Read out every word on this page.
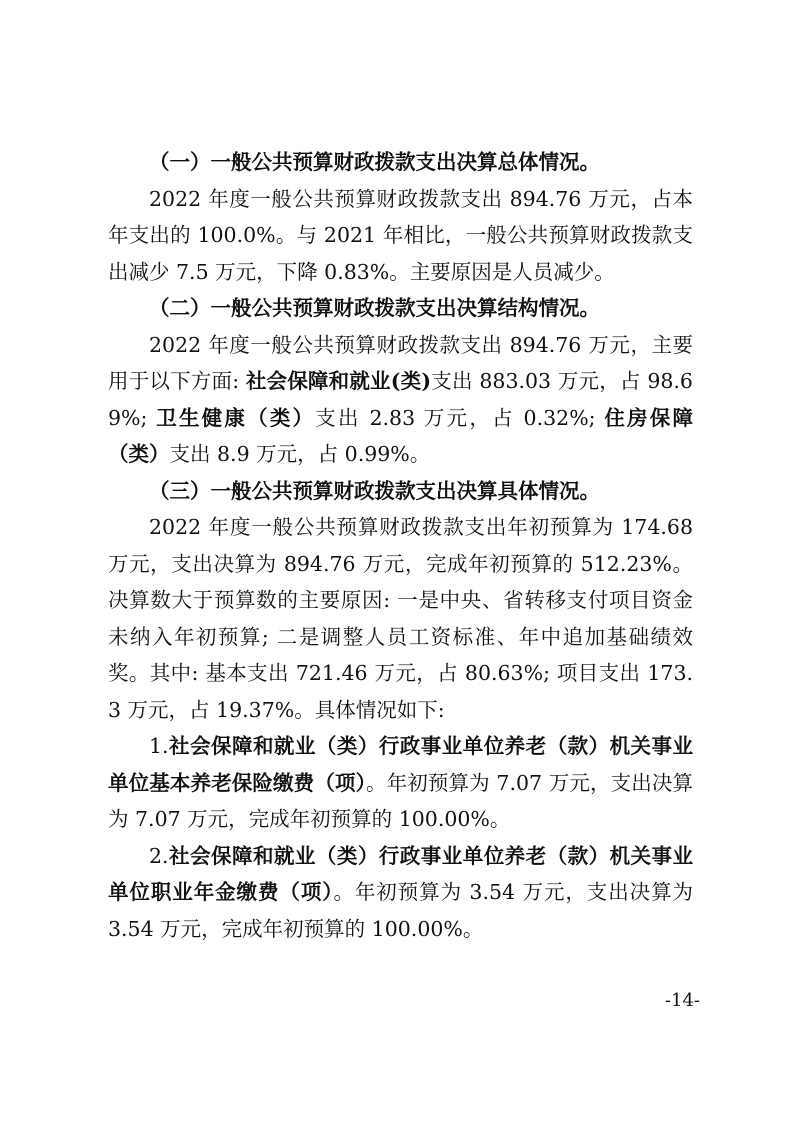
（一）一般公共预算财政拨款支出决算总体情况。

2022 年度一般公共预算财政拨款支出 894.76 万元，占本年支出的 100.0%。与 2021 年相比，一般公共预算财政拨款支出减少 7.5 万元，下降 0.83%。主要原因是人员减少。

（二）一般公共预算财政拨款支出决算结构情况。

2022 年度一般公共预算财政拨款支出 894.76 万元，主要用于以下方面: 社会保障和就业(类)支出 883.03 万元，占 98.69%; 卫生健康（类）支出 2.83 万元，占 0.32%; 住房保障（类）支出 8.9 万元，占 0.99%。

（三）一般公共预算财政拨款支出决算具体情况。

2022 年度一般公共预算财政拨款支出年初预算为 174.68 万元，支出决算为 894.76 万元，完成年初预算的 512.23%。决算数大于预算数的主要原因: 一是中央、省转移支付项目资金未纳入年初预算; 二是调整人员工资标准、年中追加基础绩效奖。其中: 基本支出 721.46 万元，占 80.63%; 项目支出 173.3 万元，占 19.37%。具体情况如下:

1.社会保障和就业（类）行政事业单位养老（款）机关事业单位基本养老保险缴费（项）。年初预算为 7.07 万元，支出决算为 7.07 万元，完成年初预算的 100.00%。

2.社会保障和就业（类）行政事业单位养老（款）机关事业单位职业年金缴费（项）。年初预算为 3.54 万元，支出决算为 3.54 万元，完成年初预算的 100.00%。

-14-
